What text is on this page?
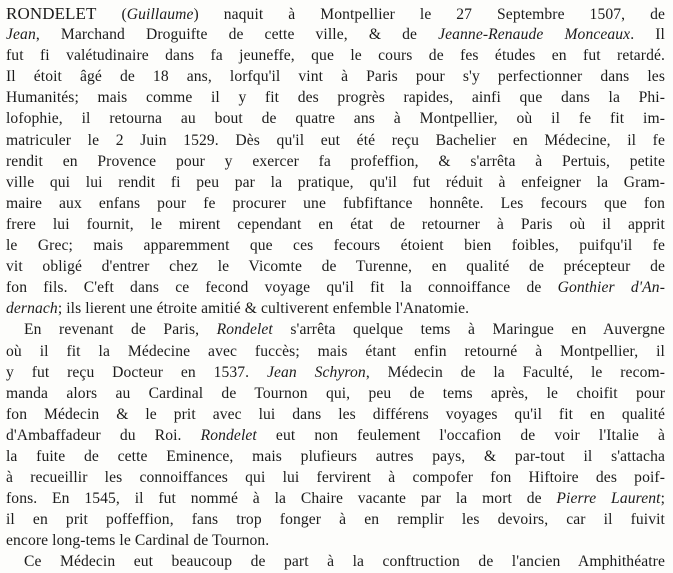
RONDELET (Guillaume) naquit à Montpellier le 27 Septembre 1507, de
Jean, Marchand Droguifte de cette ville, & de Jeanne-Renaude Monceaux. Il
fut fi valétudinaire dans fa jeuneffe, que le cours de fes études en fut retardé.
Il étoit âgé de 18 ans, lorfqu'il vint à Paris pour s'y perfectionner dans les
Humanités; mais comme il y fit des progrès rapides, ainfi que dans la Phi-
lofophie, il retourna au bout de quatre ans à Montpellier, où il fe fit im-
matriculer le 2 Juin 1529. Dès qu'il eut été reçu Bachelier en Médecine, il fe
rendit en Provence pour y exercer fa profeffion, & s'arrêta à Pertuis, petite
ville qui lui rendit fi peu par la pratique, qu'il fut réduit à enfeigner la Gram-
maire aux enfans pour fe procurer une fubfiftance honnête. Les fecours que fon
frere lui fournit, le mirent cependant en état de retourner à Paris où il apprit
le Grec; mais apparemment que ces fecours étoient bien foibles, puifqu'il fe
vit obligé d'entrer chez le Vicomte de Turenne, en qualité de précepteur de
fon fils. C'eft dans ce fecond voyage qu'il fit la connoiffance de Gonthier d'An-
dernach; ils lierent une étroite amitié & cultiverent enfemble l'Anatomie.
En revenant de Paris, Rondelet s'arrêta quelque tems à Maringue en Auvergne
où il fit la Médecine avec fuccès; mais étant enfin retourné à Montpellier, il
y fut reçu Docteur en 1537. Jean Schyron, Médecin de la Faculté, le recom-
manda alors au Cardinal de Tournon qui, peu de tems après, le choifit pour
fon Médecin & le prit avec lui dans les différens voyages qu'il fit en qualité
d'Ambaffadeur du Roi. Rondelet eut non feulement l'occafion de voir l'Italie à
la fuite de cette Eminence, mais plufieurs autres pays, & par-tout il s'attacha
à recueillir les connoiffances qui lui fervirent à compofer fon Hiftoire des poif-
fons. En 1545, il fut nommé à la Chaire vacante par la mort de Pierre Laurent;
il en prit poffeffion, fans trop fonger à en remplir les devoirs, car il fuivit
encore long-tems le Cardinal de Tournon.
Ce Médecin eut beaucoup de part à la conftruction de l'ancien Amphithéatre
